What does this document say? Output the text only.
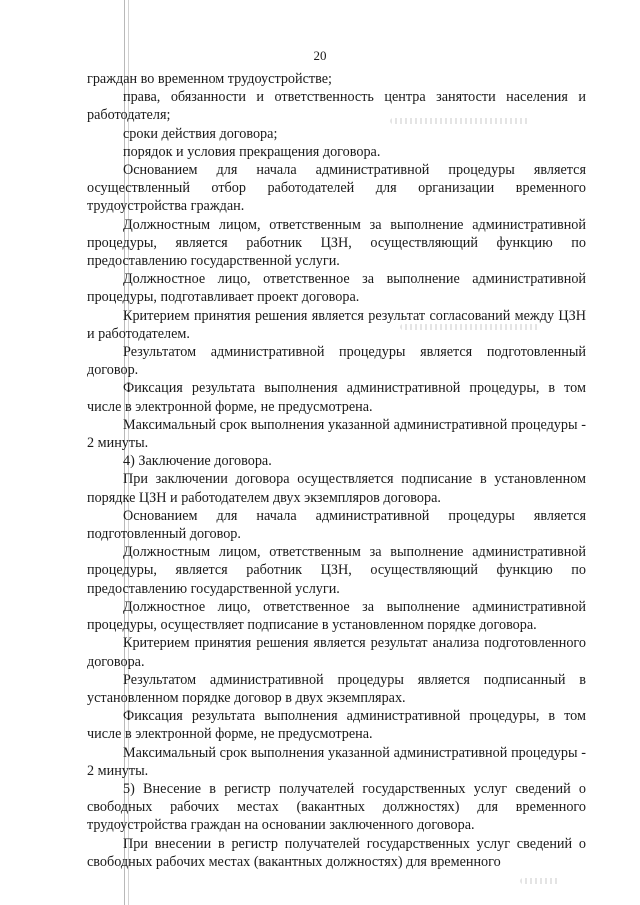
20

граждан во временном трудоустройстве;

права, обязанности и ответственность центра занятости населения и работодателя;

сроки действия договора;

порядок и условия прекращения договора.

Основанием для начала административной процедуры является осуществленный отбор работодателей для организации временного трудоустройства граждан.

Должностным лицом, ответственным за выполнение административной процедуры, является работник ЦЗН, осуществляющий функцию по предоставлению государственной услуги.

Должностное лицо, ответственное за выполнение административной процедуры, подготавливает проект договора.

Критерием принятия решения является результат согласований между ЦЗН и работодателем.

Результатом административной процедуры является подготовленный договор.

Фиксация результата выполнения административной процедуры, в том числе в электронной форме, не предусмотрена.

Максимальный срок выполнения указанной административной процедуры - 2 минуты.

4) Заключение договора.

При заключении договора осуществляется подписание в установленном порядке ЦЗН и работодателем двух экземпляров договора.

Основанием для начала административной процедуры является подготовленный договор.

Должностным лицом, ответственным за выполнение административной процедуры, является работник ЦЗН, осуществляющий функцию по предоставлению государственной услуги.

Должностное лицо, ответственное за выполнение административной процедуры, осуществляет подписание в установленном порядке договора.

Критерием принятия решения является результат анализа подготовленного договора.

Результатом административной процедуры является подписанный в установленном порядке договор в двух экземплярах.

Фиксация результата выполнения административной процедуры, в том числе в электронной форме, не предусмотрена.

Максимальный срок выполнения указанной административной процедуры - 2 минуты.

5) Внесение в регистр получателей государственных услуг сведений о свободных рабочих местах (вакантных должностях) для временного трудоустройства граждан на основании заключенного договора.

При внесении в регистр получателей государственных услуг сведений о свободных рабочих местах (вакантных должностях) для временного
